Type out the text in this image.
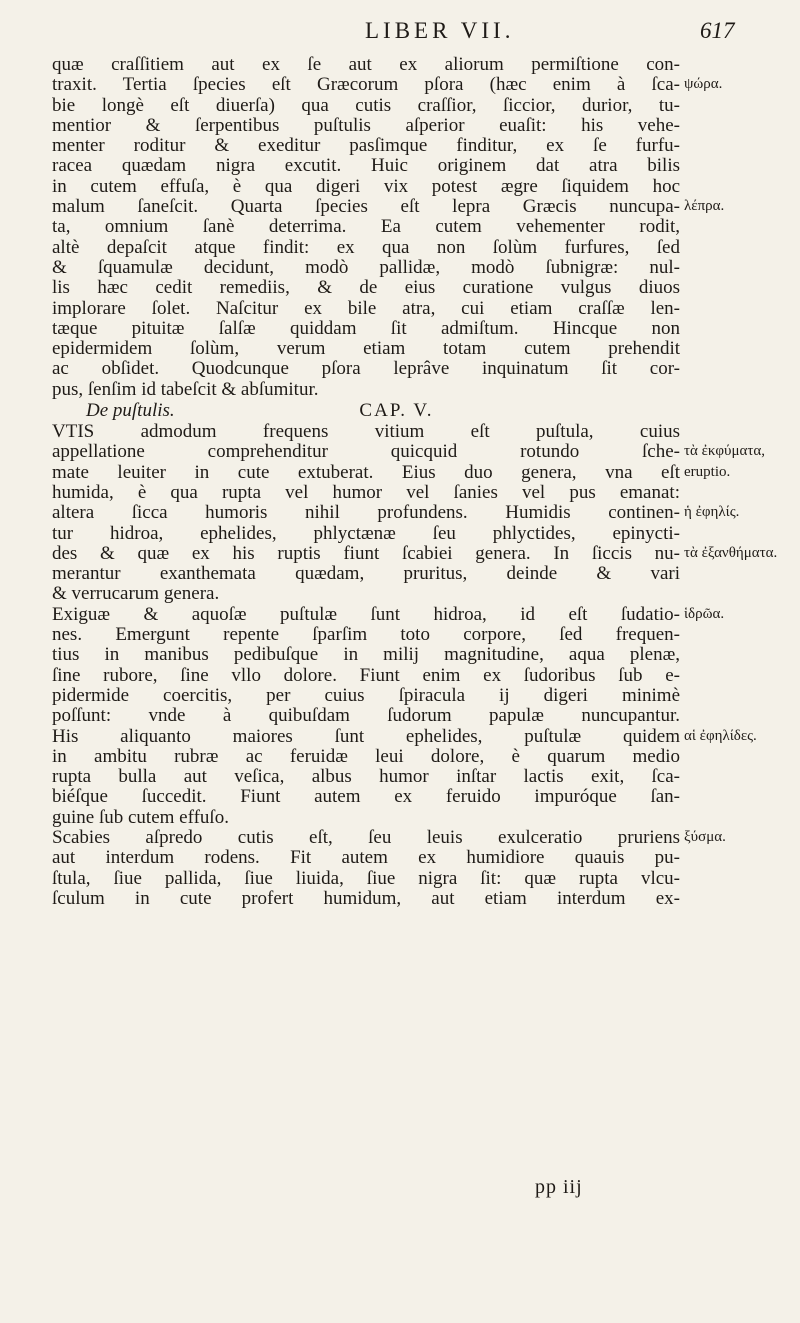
LIBER VII.	617
quæ craſſitiem aut ex ſe aut ex aliorum permiſtione con-
traxit. Tertia ſpecies eſt Græcorum pſora (hæc enim à ſca-
bie longè eſt diuerſa) qua cutis craſſior, ſiccior, durior, tu-
mentior & ſerpentibus puſtulis aſperior euaſit: his vehe-
menter roditur & exeditur pasſimque finditur, ex ſe furfu-
racea quædam nigra excutit. Huic originem dat atra bilis
in cutem effuſa, è qua digeri vix potest ægre ſiquidem hoc
malum ſaneſcit. Quarta ſpecies eſt lepra Græcis nuncupa-
ta, omnium ſanè deterrima. Ea cutem vehementer rodit,
altè depaſcit atque findit: ex qua non ſolùm furfures, ſed
& ſquamulæ decidunt, modò pallidæ, modò ſubnigræ: nul-
lis hæc cedit remediis, & de eius curatione vulgus diuos
implorare ſolet. Naſcitur ex bile atra, cui etiam craſſæ len-
tæque pituitæ ſalſæ quiddam ſit admiſtum. Hincque non
epidermidem ſolùm, verum etiam totam cutem prehendit
ac obſidet. Quodcunque pſora leprâve inquinatum ſit cor-
pus, ſenſim id tabeſcit & abſumitur.
De puſtulis.	CAP. V.
VTIS admodum frequens vitium eſt puſtula, cuius
appellatione comprehenditur quicquid rotundo ſche-
mate leuiter in cute extuberat. Eius duo genera, vna eſt
humida, è qua rupta vel humor vel ſanies vel pus emanat:
altera ſicca humoris nihil profundens. Humidis continen-
tur hidroa, ephelides, phlyctænæ ſeu phlyctides, epinycti-
des & quæ ex his ruptis fiunt ſcabiei genera. In ſiccis nu-
merantur exanthemata quædam, pruritus, deinde & vari
& verrucarum genera.
Exiguæ & aquoſæ puſtulæ ſunt hidroa, id eſt ſudatio-
nes. Emergunt repente ſparſim toto corpore, ſed frequen-
tius in manibus pedibuſque in milij magnitudine, aqua plenæ,
ſine rubore, ſine vllo dolore. Fiunt enim ex ſudoribus ſub e-
pidermide coercitis, per cuius ſpiracula ij digeri minimè
poſſunt: vnde à quibuſdam ſudorum papulæ nuncupantur.
His aliquanto maiores ſunt ephelides, puſtulæ quidem
in ambitu rubræ ac feruidæ leui dolore, è quarum medio
rupta bulla aut veſica, albus humor inſtar lactis exit, ſca-
biéſque ſuccedit. Fiunt autem ex feruido impuróque ſan-
guine ſub cutem effuſo.
Scabies aſpredo cutis eſt, ſeu leuis exulceratio pruriens
aut interdum rodens. Fit autem ex humidiore quauis pu-
ſtula, ſiue pallida, ſiue liuida, ſiue nigra ſit: quæ rupta vlcu-
ſculum in cute profert humidum, aut etiam interdum ex-
ψώρα.
λέπρα.
τὰ ἐκφύματα,
eruptio.
ἡ ἐφηλίς.
τὰ ἐξανθήματα.
ἱδρῶα.
αἱ ἐφηλίδες.
ξύσμα.
pp iij
